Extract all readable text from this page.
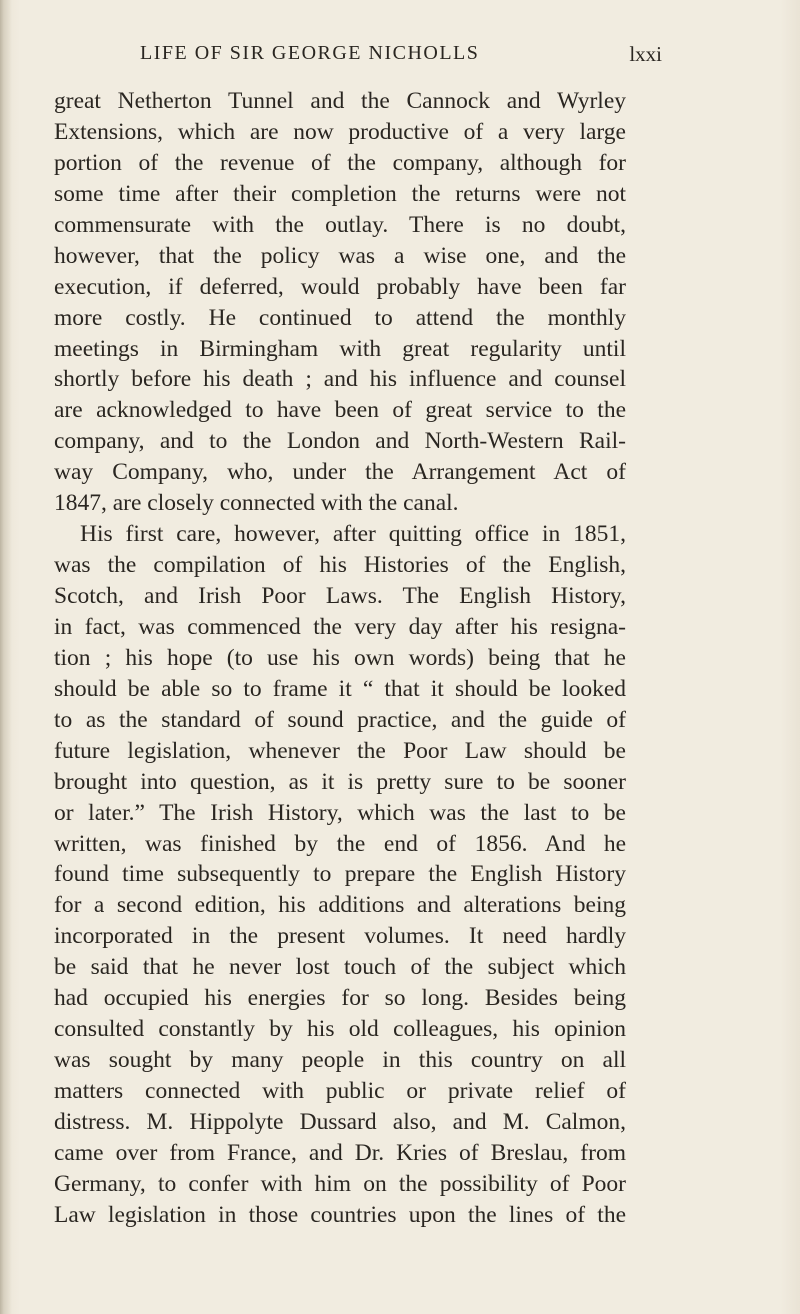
LIFE OF SIR GEORGE NICHOLLS	lxxi
great Netherton Tunnel and the Cannock and Wyrley
Extensions, which are now productive of a very large
portion of the revenue of the company, although for
some time after their completion the returns were not
commensurate with the outlay. There is no doubt,
however, that the policy was a wise one, and the
execution, if deferred, would probably have been far
more costly. He continued to attend the monthly
meetings in Birmingham with great regularity until
shortly before his death ; and his influence and counsel
are acknowledged to have been of great service to the
company, and to the London and North-Western Rail-
way Company, who, under the Arrangement Act of
1847, are closely connected with the canal.
His first care, however, after quitting office in 1851,
was the compilation of his Histories of the English,
Scotch, and Irish Poor Laws. The English History,
in fact, was commenced the very day after his resigna-
tion ; his hope (to use his own words) being that he
should be able so to frame it “ that it should be looked
to as the standard of sound practice, and the guide of
future legislation, whenever the Poor Law should be
brought into question, as it is pretty sure to be sooner
or later.” The Irish History, which was the last to be
written, was finished by the end of 1856. And he
found time subsequently to prepare the English History
for a second edition, his additions and alterations being
incorporated in the present volumes. It need hardly
be said that he never lost touch of the subject which
had occupied his energies for so long. Besides being
consulted constantly by his old colleagues, his opinion
was sought by many people in this country on all
matters connected with public or private relief of
distress. M. Hippolyte Dussard also, and M. Calmon,
came over from France, and Dr. Kries of Breslau, from
Germany, to confer with him on the possibility of Poor
Law legislation in those countries upon the lines of the
